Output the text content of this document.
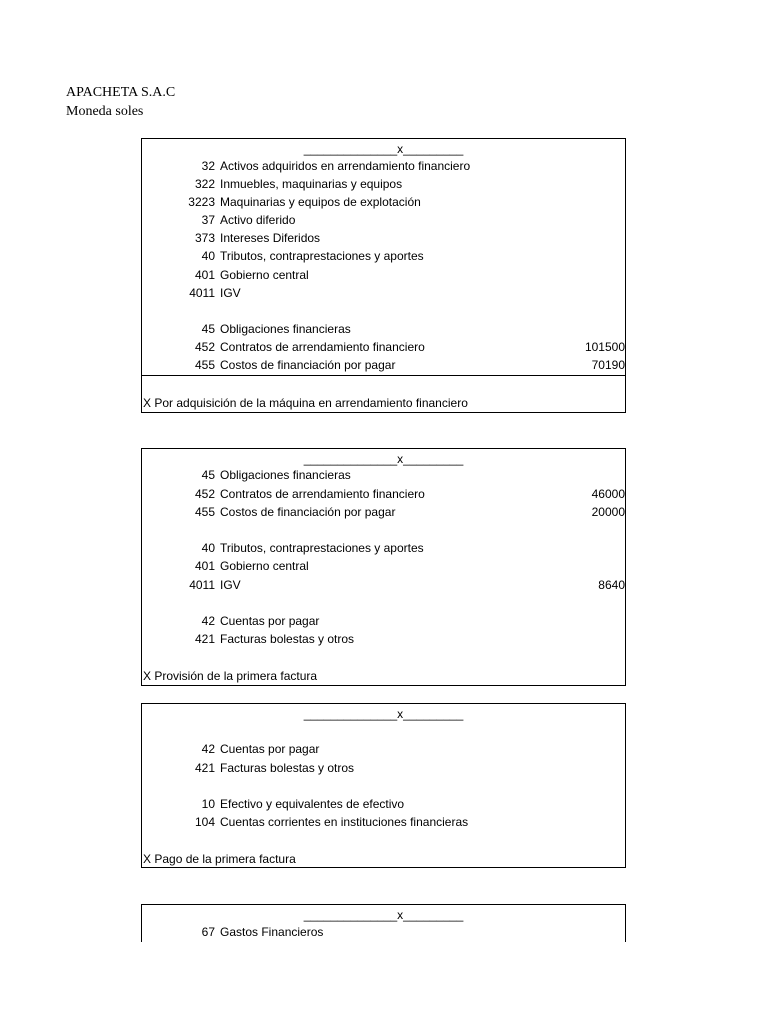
APACHETA S.A.C
Moneda soles
______________x_________
32 Activos adquiridos en arrendamiento financiero
322 Inmuebles, maquinarias y equipos
3223 Maquinarias y equipos de explotación
37 Activo diferido
373 Intereses Diferidos
40 Tributos, contraprestaciones y aportes
401 Gobierno central
4011 IGV
45 Obligaciones financieras
452 Contratos de arrendamiento financiero	101500
455 Costos de financiación por pagar	70190
X Por adquisición de la máquina en arrendamiento financiero
______________x_________
45 Obligaciones financieras
452 Contratos de arrendamiento financiero	46000
455 Costos de financiación por pagar	20000
40 Tributos, contraprestaciones y aportes
401 Gobierno central
4011 IGV	8640
42 Cuentas por pagar
421 Facturas bolestas y otros
X Provisión de la primera factura
______________x_________
42 Cuentas por pagar
421 Facturas bolestas y otros
10 Efectivo y equivalentes de efectivo
104 Cuentas corrientes en instituciones financieras
X Pago de la primera factura
______________x_________
67 Gastos Financieros
